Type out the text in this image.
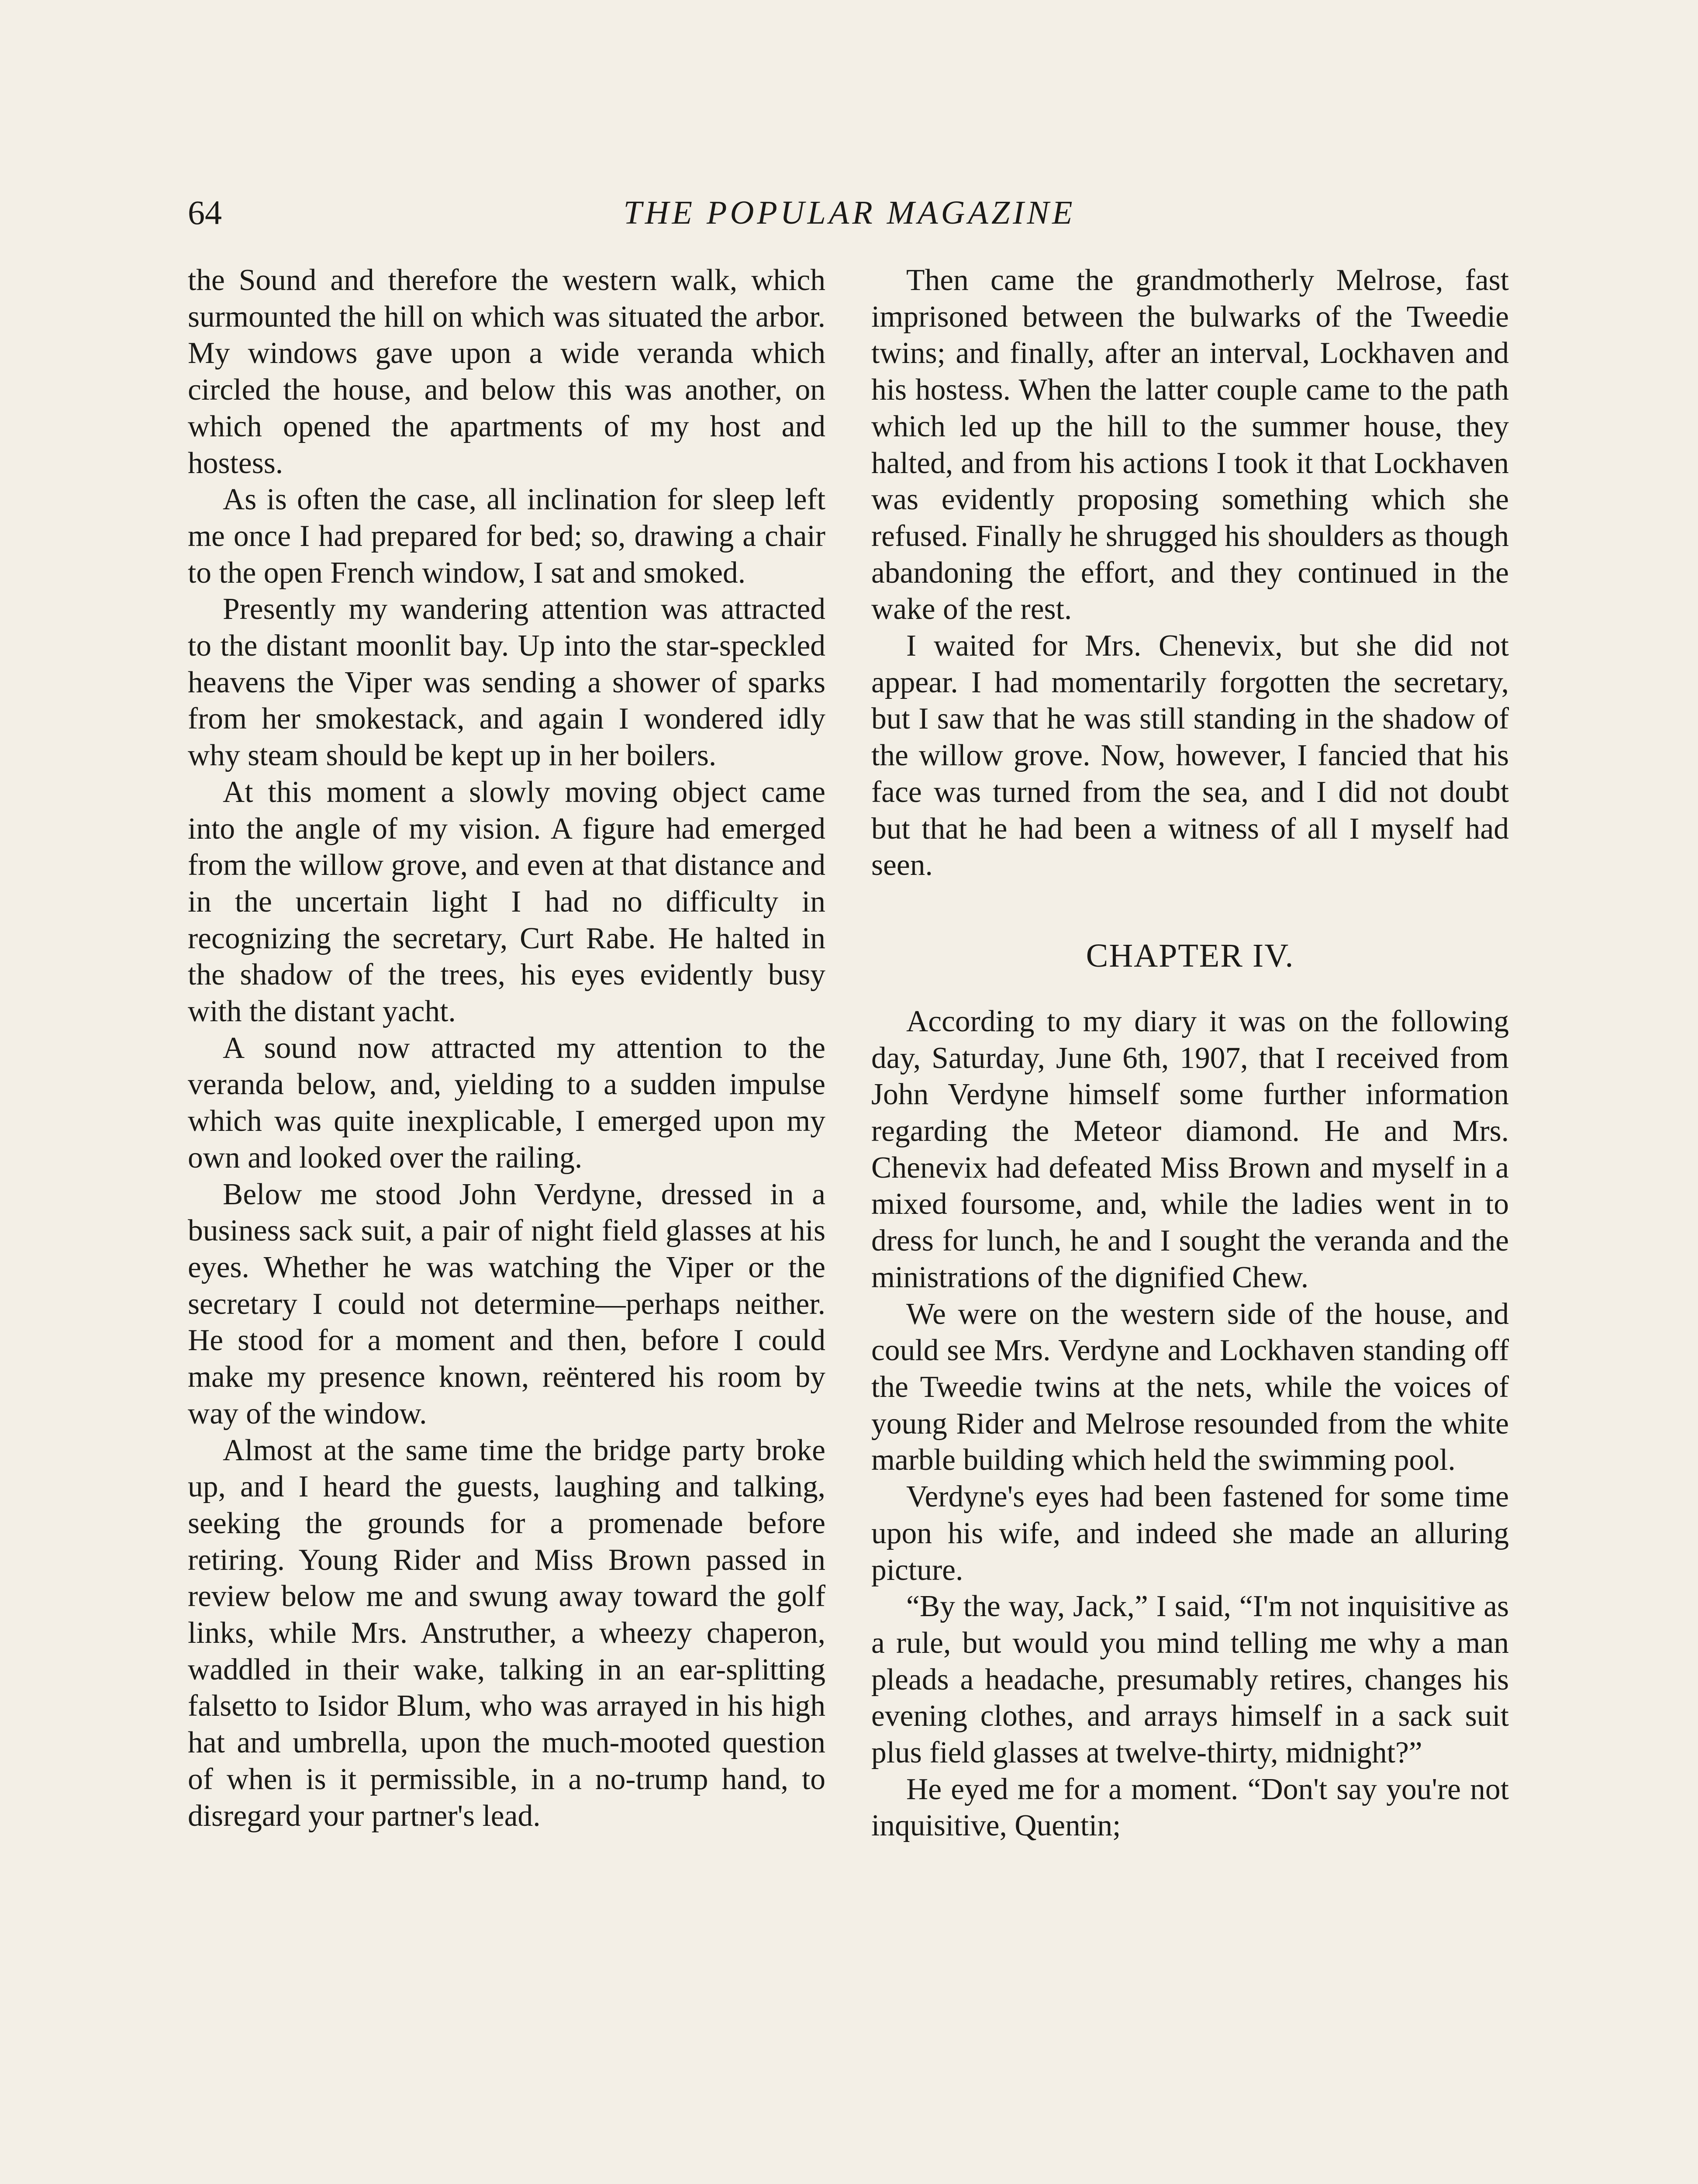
64	THE POPULAR MAGAZINE

the Sound and therefore the western walk, which surmounted the hill on which was situated the arbor. My windows gave upon a wide veranda which circled the house, and below this was another, on which opened the apartments of my host and hostess.

As is often the case, all inclination for sleep left me once I had prepared for bed; so, drawing a chair to the open French window, I sat and smoked.

Presently my wandering attention was attracted to the distant moonlit bay. Up into the star-speckled heavens the Viper was sending a shower of sparks from her smokestack, and again I wondered idly why steam should be kept up in her boilers.

At this moment a slowly moving object came into the angle of my vision. A figure had emerged from the willow grove, and even at that distance and in the uncertain light I had no difficulty in recognizing the secretary, Curt Rabe. He halted in the shadow of the trees, his eyes evidently busy with the distant yacht.

A sound now attracted my attention to the veranda below, and, yielding to a sudden impulse which was quite inexplicable, I emerged upon my own and looked over the railing.

Below me stood John Verdyne, dressed in a business sack suit, a pair of night field glasses at his eyes. Whether he was watching the Viper or the secretary I could not determine—perhaps neither. He stood for a moment and then, before I could make my presence known, reëntered his room by way of the window.

Almost at the same time the bridge party broke up, and I heard the guests, laughing and talking, seeking the grounds for a promenade before retiring. Young Rider and Miss Brown passed in review below me and swung away toward the golf links, while Mrs. Anstruther, a wheezy chaperon, waddled in their wake, talking in an ear-splitting falsetto to Isidor Blum, who was arrayed in his high hat and umbrella, upon the much-mooted question of when is it permissible, in a no-trump hand, to disregard your partner's lead.

Then came the grandmotherly Melrose, fast imprisoned between the bulwarks of the Tweedie twins; and finally, after an interval, Lockhaven and his hostess. When the latter couple came to the path which led up the hill to the summer house, they halted, and from his actions I took it that Lockhaven was evidently proposing something which she refused. Finally he shrugged his shoulders as though abandoning the effort, and they continued in the wake of the rest.

I waited for Mrs. Chenevix, but she did not appear. I had momentarily forgotten the secretary, but I saw that he was still standing in the shadow of the willow grove. Now, however, I fancied that his face was turned from the sea, and I did not doubt but that he had been a witness of all I myself had seen.

CHAPTER IV.

According to my diary it was on the following day, Saturday, June 6th, 1907, that I received from John Verdyne himself some further information regarding the Meteor diamond. He and Mrs. Chenevix had defeated Miss Brown and myself in a mixed foursome, and, while the ladies went in to dress for lunch, he and I sought the veranda and the ministrations of the dignified Chew.

We were on the western side of the house, and could see Mrs. Verdyne and Lockhaven standing off the Tweedie twins at the nets, while the voices of young Rider and Melrose resounded from the white marble building which held the swimming pool.

Verdyne's eyes had been fastened for some time upon his wife, and indeed she made an alluring picture.

“By the way, Jack,” I said, “I'm not inquisitive as a rule, but would you mind telling me why a man pleads a headache, presumably retires, changes his evening clothes, and arrays himself in a sack suit plus field glasses at twelve-thirty, midnight?”

He eyed me for a moment. “Don't say you're not inquisitive, Quentin;
